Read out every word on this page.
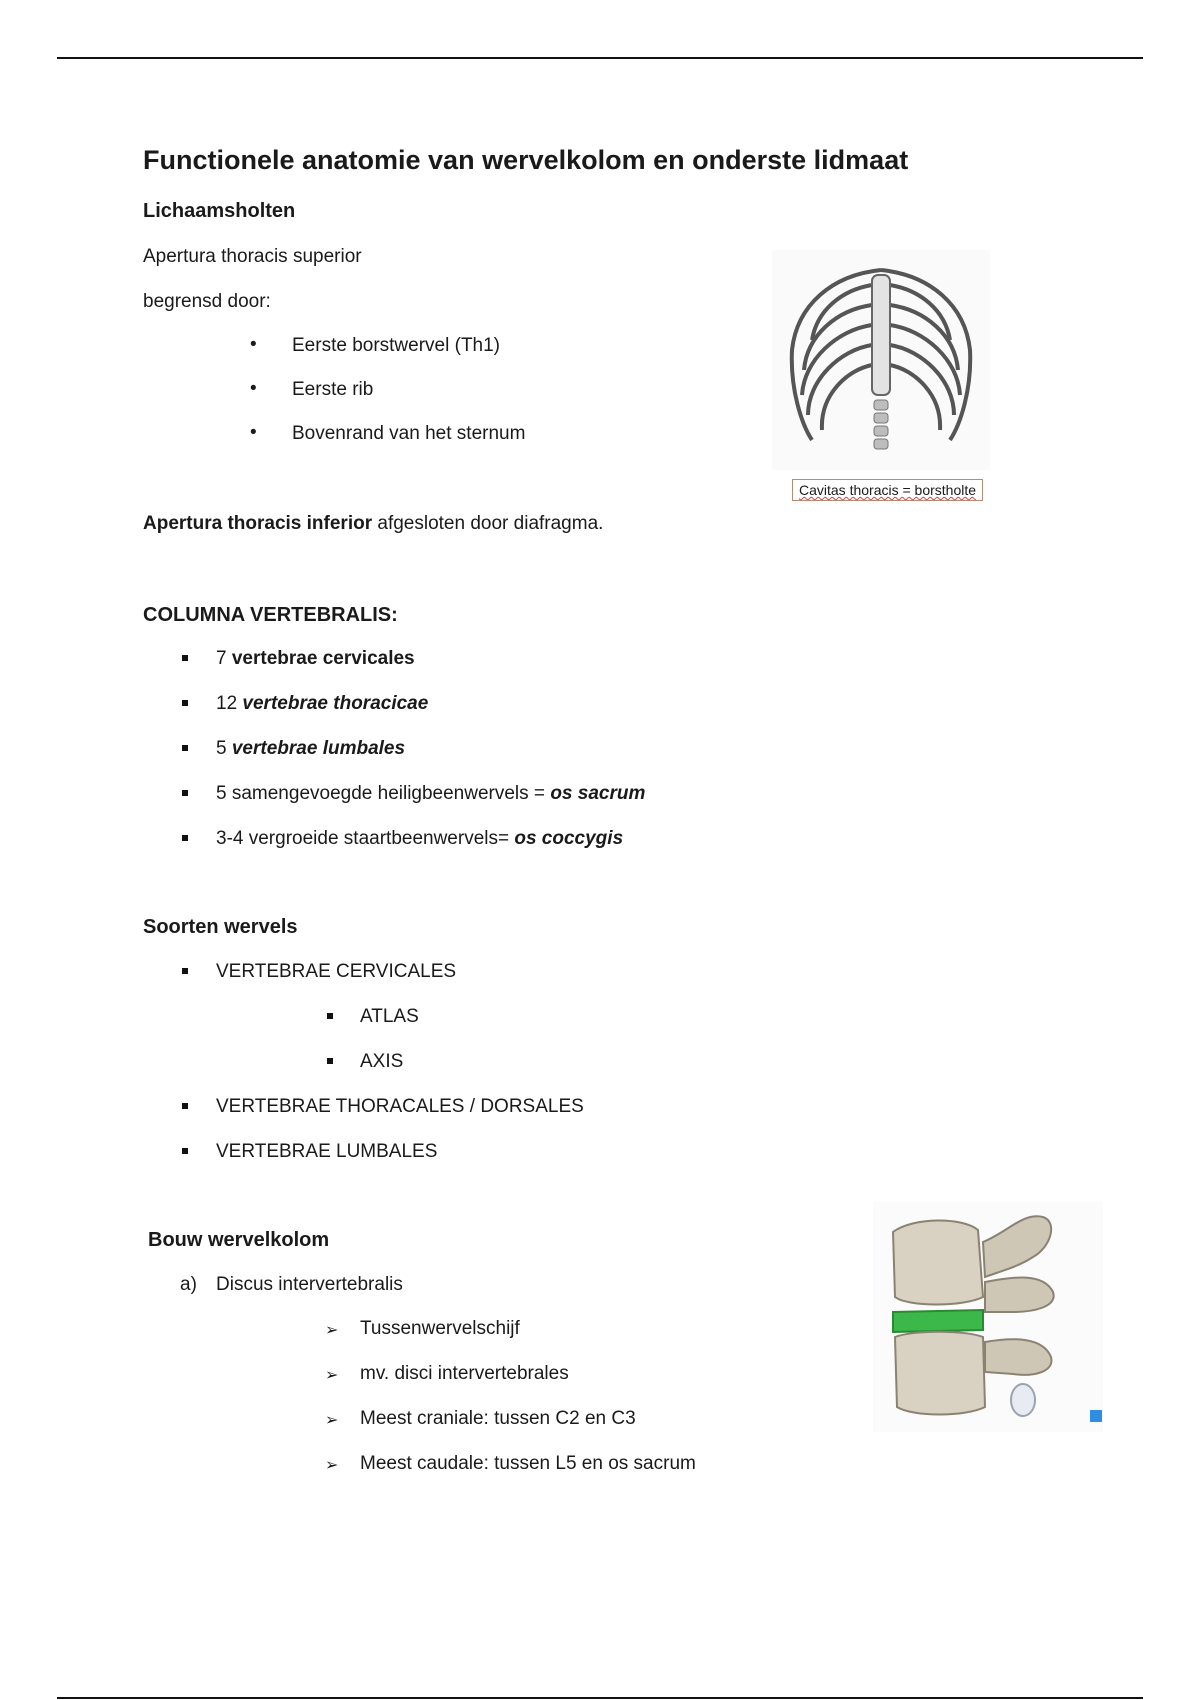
Functionele anatomie van wervelkolom en onderste lidmaat
Lichaamsholten
Apertura thoracis superior
begrensd door:
• Eerste borstwervel (Th1)
• Eerste rib
• Bovenrand van het sternum
Cavitas thoracis = borstholte
Apertura thoracis inferior afgesloten door diafragma.
COLUMNA VERTEBRALIS:
7 vertebrae cervicales
12 vertebrae thoracicae
5 vertebrae lumbales
5 samengevoegde heiligbeenwervels = os sacrum
3-4 vergroeide staartbeenwervels= os coccygis
Soorten wervels
VERTEBRAE CERVICALES
ATLAS
AXIS
VERTEBRAE THORACALES / DORSALES
VERTEBRAE LUMBALES
Bouw wervelkolom
a) Discus intervertebralis
➢ Tussenwervelschijf
➢ mv. disci intervertebrales
➢ Meest craniale: tussen C2 en C3
➢ Meest caudale: tussen L5 en os sacrum
